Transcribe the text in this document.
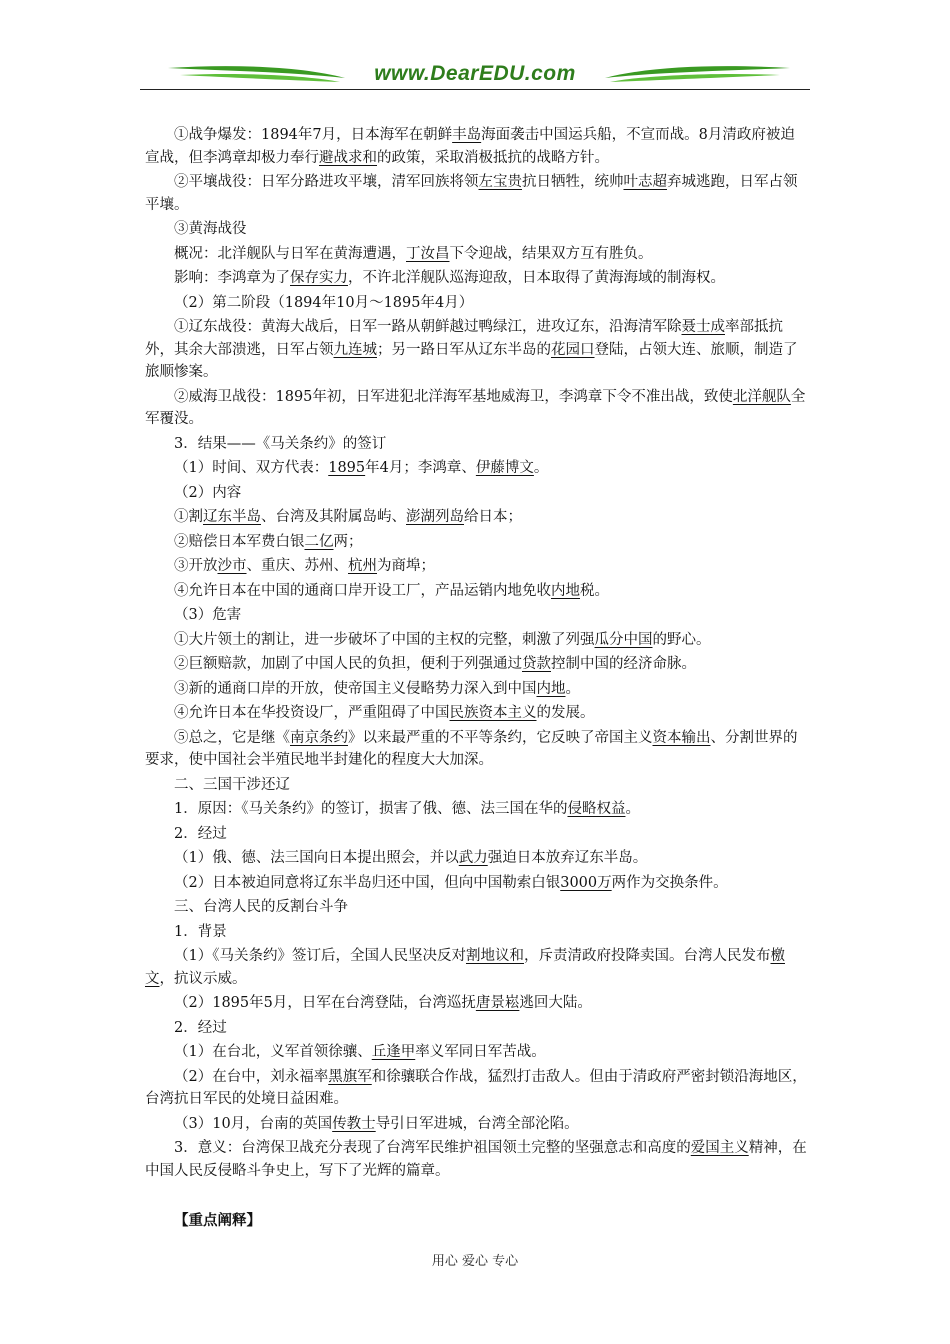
www.DearEDU.com
①战争爆发：1894年7月，日本海军在朝鲜丰岛海面袭击中国运兵船，不宣而战。8月清政府被迫宣战，但李鸿章却极力奉行避战求和的政策，采取消极抵抗的战略方针。
②平壤战役：日军分路进攻平壤，清军回族将领左宝贵抗日牺牲，统帅叶志超弃城逃跑，日军占领平壤。
③黄海战役
概况：北洋舰队与日军在黄海遭遇，丁汝昌下令迎战，结果双方互有胜负。
影响：李鸿章为了保存实力，不许北洋舰队巡海迎敌，日本取得了黄海海域的制海权。
（2）第二阶段（1894年10月～1895年4月）
①辽东战役：黄海大战后，日军一路从朝鲜越过鸭绿江，进攻辽东，沿海清军除聂士成率部抵抗外，其余大部溃逃，日军占领九连城；另一路日军从辽东半岛的花园口登陆，占领大连、旅顺，制造了旅顺惨案。
②威海卫战役：1895年初，日军进犯北洋海军基地威海卫，李鸿章下令不准出战，致使北洋舰队全军覆没。
3．结果——《马关条约》的签订
（1）时间、双方代表：1895年4月；李鸿章、伊藤博文。
（2）内容
①割辽东半岛、台湾及其附属岛屿、澎湖列岛给日本；
②赔偿日本军费白银二亿两；
③开放沙市、重庆、苏州、杭州为商埠；
④允许日本在中国的通商口岸开设工厂，产品运销内地免收内地税。
（3）危害
①大片领土的割让，进一步破坏了中国的主权的完整，刺激了列强瓜分中国的野心。
②巨额赔款，加剧了中国人民的负担，便利于列强通过贷款控制中国的经济命脉。
③新的通商口岸的开放，使帝国主义侵略势力深入到中国内地。
④允许日本在华投资设厂，严重阻碍了中国民族资本主义的发展。
⑤总之，它是继《南京条约》以来最严重的不平等条约，它反映了帝国主义资本输出、分割世界的要求，使中国社会半殖民地半封建化的程度大大加深。
二、三国干涉还辽
1．原因：《马关条约》的签订，损害了俄、德、法三国在华的侵略权益。
2．经过
（1）俄、德、法三国向日本提出照会，并以武力强迫日本放弃辽东半岛。
（2）日本被迫同意将辽东半岛归还中国，但向中国勒索白银3000万两作为交换条件。
三、台湾人民的反割台斗争
1．背景
（1）《马关条约》签订后，全国人民坚决反对割地议和，斥责清政府投降卖国。台湾人民发布檄文，抗议示威。
（2）1895年5月，日军在台湾登陆，台湾巡抚唐景崧逃回大陆。
2．经过
（1）在台北，义军首领徐骧、丘逢甲率义军同日军苦战。
（2）在台中，刘永福率黑旗军和徐骧联合作战，猛烈打击敌人。但由于清政府严密封锁沿海地区，台湾抗日军民的处境日益困难。
（3）10月，台南的英国传教士导引日军进城，台湾全部沦陷。
3．意义：台湾保卫战充分表现了台湾军民维护祖国领土完整的坚强意志和高度的爱国主义精神，在中国人民反侵略斗争史上，写下了光辉的篇章。
【重点阐释】
用心 爱心 专心
